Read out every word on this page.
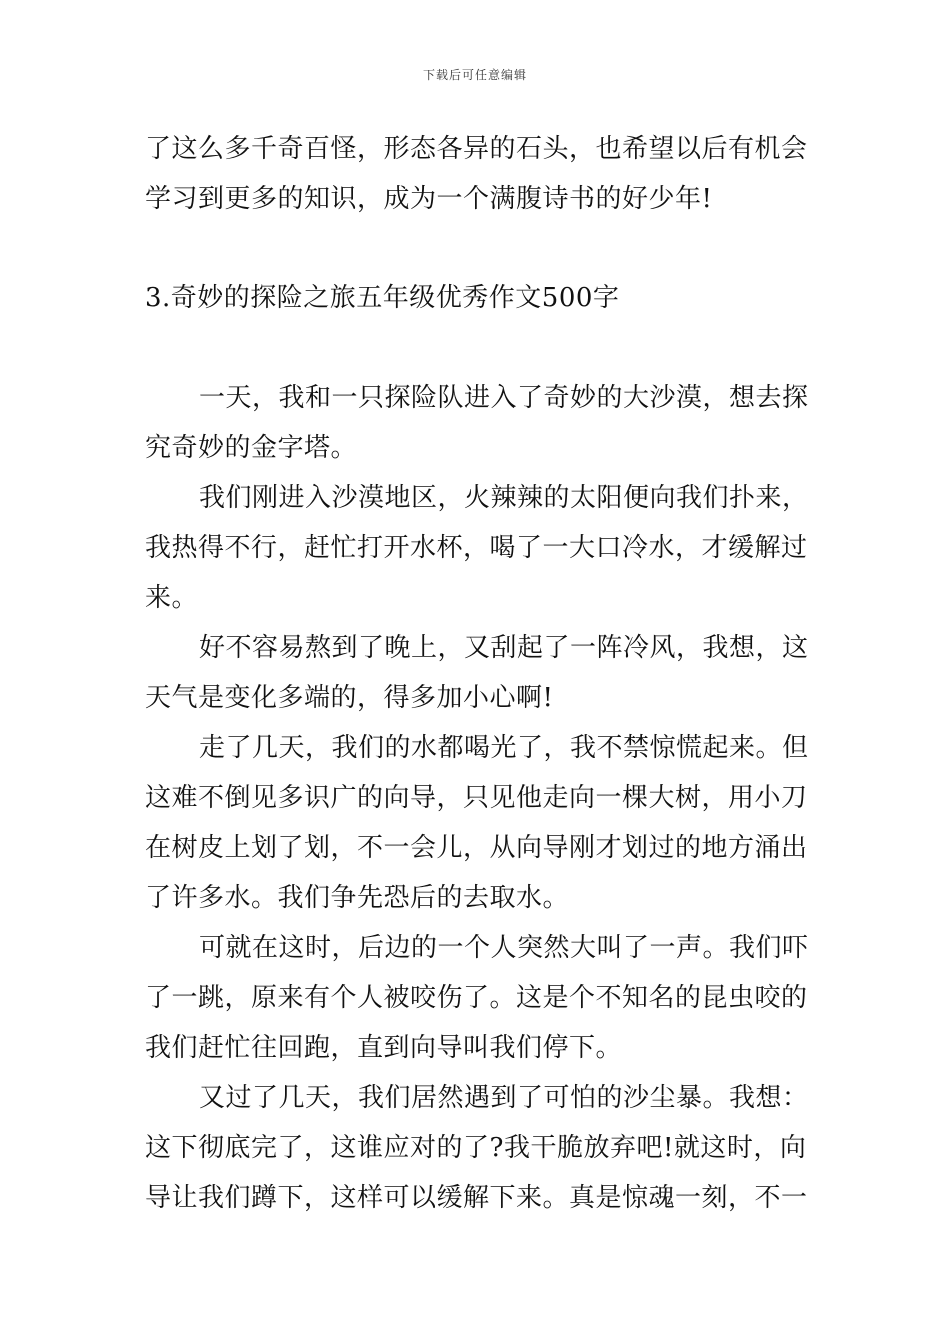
下载后可任意编辑
了这么多千奇百怪，形态各异的石头，也希望以后有机会
学习到更多的知识，成为一个满腹诗书的好少年!
3.奇妙的探险之旅五年级优秀作文500字
一天，我和一只探险队进入了奇妙的大沙漠，想去探
究奇妙的金字塔。
我们刚进入沙漠地区，火辣辣的太阳便向我们扑来，
我热得不行，赶忙打开水杯，喝了一大口冷水，才缓解过
来。
好不容易熬到了晚上，又刮起了一阵冷风，我想，这
天气是变化多端的，得多加小心啊!
走了几天，我们的水都喝光了，我不禁惊慌起来。但
这难不倒见多识广的向导，只见他走向一棵大树，用小刀
在树皮上划了划，不一会儿，从向导刚才划过的地方涌出
了许多水。我们争先恐后的去取水。
可就在这时，后边的一个人突然大叫了一声。我们吓
了一跳，原来有个人被咬伤了。这是个不知名的昆虫咬的
我们赶忙往回跑，直到向导叫我们停下。
又过了几天，我们居然遇到了可怕的沙尘暴。我想：
这下彻底完了，这谁应对的了?我干脆放弃吧!就这时，向
导让我们蹲下，这样可以缓解下来。真是惊魂一刻，不一
